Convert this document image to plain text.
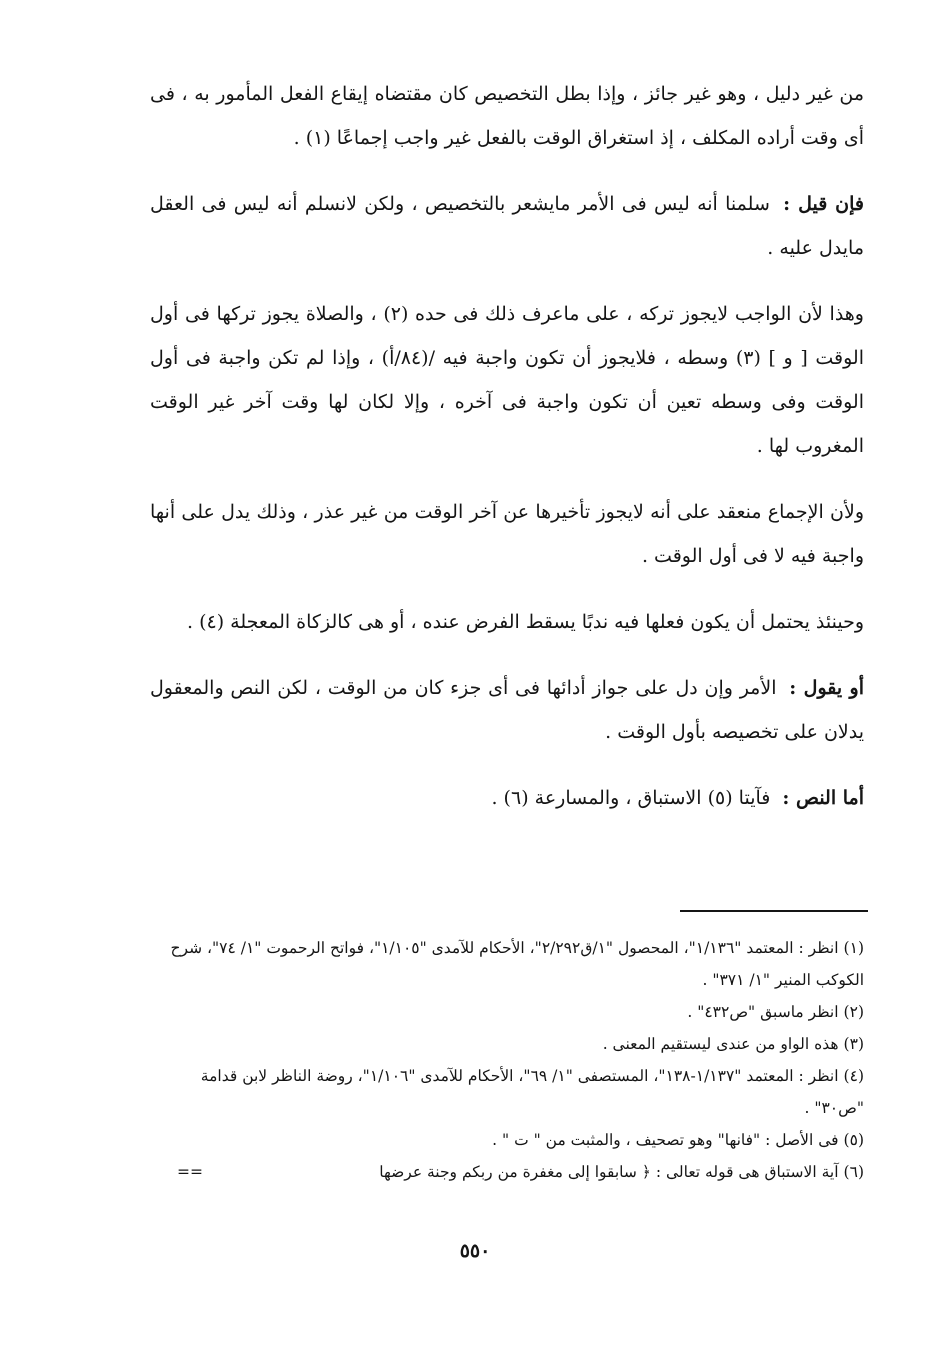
من غير دليل ، وهو غير جائز ، وإذا بطل التخصيص كان مقتضاه إيقاع الفعل المأمور به ، فى أى وقت أراده المكلف ، إذ استغراق الوقت بالفعل غير واجب إجماعًا (١) .

فإن قيل : سلمنا أنه ليس فى الأمر مايشعر بالتخصيص ، ولكن لانسلم أنه ليس فى العقل مايدل عليه .

وهذا لأن الواجب لايجوز تركه ، على ماعرف ذلك فى حده (٢) ، والصلاة يجوز تركها فى أول الوقت [ و ] (٣) وسطه ، فلايجوز أن تكون واجبة فيه /(٨٤/أ) ، وإذا لم تكن واجبة فى أول الوقت وفى وسطه تعين أن تكون واجبة فى آخره ، وإلا لكان لها وقت آخر غير الوقت المغروب لها .

ولأن الإجماع منعقد على أنه لايجوز تأخيرها عن آخر الوقت من غير عذر ، وذلك يدل على أنها واجبة فيه لا فى أول الوقت .

وحينئذ يحتمل أن يكون فعلها فيه ندبًا يسقط الفرض عنده ، أو هى كالزكاة المعجلة (٤) .

أو يقول : الأمر وإن دل على جواز أدائها فى أى جزء كان من الوقت ، لكن النص والمعقول يدلان على تخصيصه بأول الوقت .

أما النص : فآيتا (٥) الاستباق ، والمسارعة (٦) .

(١)انظر : المعتمد "١/١٣٦"، المحصول "١/ق٢/٢٩٢"، الأحكام للآمدى "١/١٠٥"، فواتح الرحموت "١/ ٧٤"، شرح الكوكب المنير "١/ ٣٧١" .

(٢)انظر ماسبق "ص٤٣٢" .

(٣)هذه الواو من عندى ليستقيم المعنى .

(٤)انظر : المعتمد "١/١٣٧-١٣٨"، المستصفى "١/ ٦٩"، الأحكام للآمدى "١/١٠٦"، روضة الناظر لابن قدامة "ص٣٠" .

(٥)فى الأصل : "فانها" وهو تصحيف ، والمثبت من " ت " .

(٦)آية الاستباق هى قوله تعالى : ﴿ سابقوا إلى مغفرة من ربكم وجنة عرضها
==

٥٥٠
